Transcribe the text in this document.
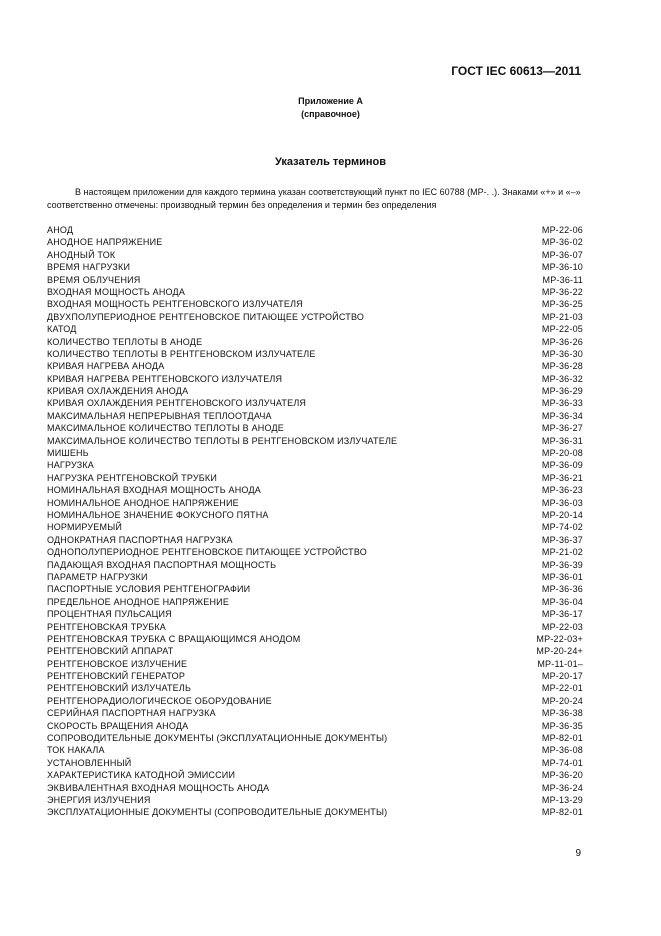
ГОСТ IEC 60613—2011
Приложение А
(справочное)
Указатель терминов

В настоящем приложении для каждого термина указан соответствующий пункт по IEC 60788 (МР-. .). Знаками «+» и «–» соответственно отмечены: производный термин без определения и термин без определения

АНОД	МР-22-06
АНОДНОЕ НАПРЯЖЕНИЕ	МР-36-02
АНОДНЫЙ ТОК	МР-36-07
ВРЕМЯ НАГРУЗКИ	МР-36-10
ВРЕМЯ ОБЛУЧЕНИЯ	МР-36-11
ВХОДНАЯ МОЩНОСТЬ АНОДА	МР-36-22
ВХОДНАЯ МОЩНОСТЬ РЕНТГЕНОВСКОГО ИЗЛУЧАТЕЛЯ	МР-36-25
ДВУХПОЛУПЕРИОДНОЕ РЕНТГЕНОВСКОЕ ПИТАЮЩЕЕ УСТРОЙСТВО	МР-21-03
КАТОД	МР-22-05
КОЛИЧЕСТВО ТЕПЛОТЫ В АНОДЕ	МР-36-26
КОЛИЧЕСТВО ТЕПЛОТЫ В РЕНТГЕНОВСКОМ ИЗЛУЧАТЕЛЕ	МР-36-30
КРИВАЯ НАГРЕВА АНОДА	МР-36-28
КРИВАЯ НАГРЕВА РЕНТГЕНОВСКОГО ИЗЛУЧАТЕЛЯ	МР-36-32
КРИВАЯ ОХЛАЖДЕНИЯ АНОДА	МР-36-29
КРИВАЯ ОХЛАЖДЕНИЯ РЕНТГЕНОВСКОГО ИЗЛУЧАТЕЛЯ	МР-36-33
МАКСИМАЛЬНАЯ НЕПРЕРЫВНАЯ ТЕПЛООТДАЧА	МР-36-34
МАКСИМАЛЬНОЕ КОЛИЧЕСТВО ТЕПЛОТЫ В АНОДЕ	МР-36-27
МАКСИМАЛЬНОЕ КОЛИЧЕСТВО ТЕПЛОТЫ В РЕНТГЕНОВСКОМ ИЗЛУЧАТЕЛЕ	МР-36-31
МИШЕНЬ	МР-20-08
НАГРУЗКА	МР-36-09
НАГРУЗКА РЕНТГЕНОВСКОЙ ТРУБКИ	МР-36-21
НОМИНАЛЬНАЯ ВХОДНАЯ МОЩНОСТЬ АНОДА	МР-36-23
НОМИНАЛЬНОЕ АНОДНОЕ НАПРЯЖЕНИЕ	МР-36-03
НОМИНАЛЬНОЕ ЗНАЧЕНИЕ ФОКУСНОГО ПЯТНА	МР-20-14
НОРМИРУЕМЫЙ	МР-74-02
ОДНОКРАТНАЯ ПАСПОРТНАЯ НАГРУЗКА	МР-36-37
ОДНОПОЛУПЕРИОДНОЕ РЕНТГЕНОВСКОЕ ПИТАЮЩЕЕ УСТРОЙСТВО	МР-21-02
ПАДАЮЩАЯ ВХОДНАЯ ПАСПОРТНАЯ МОЩНОСТЬ	МР-36-39
ПАРАМЕТР НАГРУЗКИ	МР-36-01
ПАСПОРТНЫЕ УСЛОВИЯ РЕНТГЕНОГРАФИИ	МР-36-36
ПРЕДЕЛЬНОЕ АНОДНОЕ НАПРЯЖЕНИЕ	МР-36-04
ПРОЦЕНТНАЯ ПУЛЬСАЦИЯ	МР-36-17
РЕНТГЕНОВСКАЯ ТРУБКА	МР-22-03
РЕНТГЕНОВСКАЯ ТРУБКА С ВРАЩАЮЩИМСЯ АНОДОМ	МР-22-03+
РЕНТГЕНОВСКИЙ АППАРАТ	МР-20-24+
РЕНТГЕНОВСКОЕ ИЗЛУЧЕНИЕ	МР-11-01–
РЕНТГЕНОВСКИЙ ГЕНЕРАТОР	МР-20-17
РЕНТГЕНОВСКИЙ ИЗЛУЧАТЕЛЬ	МР-22-01
РЕНТГЕНОРАДИОЛОГИЧЕСКОЕ ОБОРУДОВАНИЕ	МР-20-24
СЕРИЙНАЯ ПАСПОРТНАЯ НАГРУЗКА	МР-36-38
СКОРОСТЬ ВРАЩЕНИЯ АНОДА	МР-36-35
СОПРОВОДИТЕЛЬНЫЕ ДОКУМЕНТЫ (ЭКСПЛУАТАЦИОННЫЕ ДОКУМЕНТЫ)	МР-82-01
ТОК НАКАЛА	МР-36-08
УСТАНОВЛЕННЫЙ	МР-74-01
ХАРАКТЕРИСТИКА КАТОДНОЙ ЭМИССИИ	МР-36-20
ЭКВИВАЛЕНТНАЯ ВХОДНАЯ МОЩНОСТЬ АНОДА	МР-36-24
ЭНЕРГИЯ ИЗЛУЧЕНИЯ	МР-13-29
ЭКСПЛУАТАЦИОННЫЕ ДОКУМЕНТЫ (СОПРОВОДИТЕЛЬНЫЕ ДОКУМЕНТЫ)	МР-82-01
9
